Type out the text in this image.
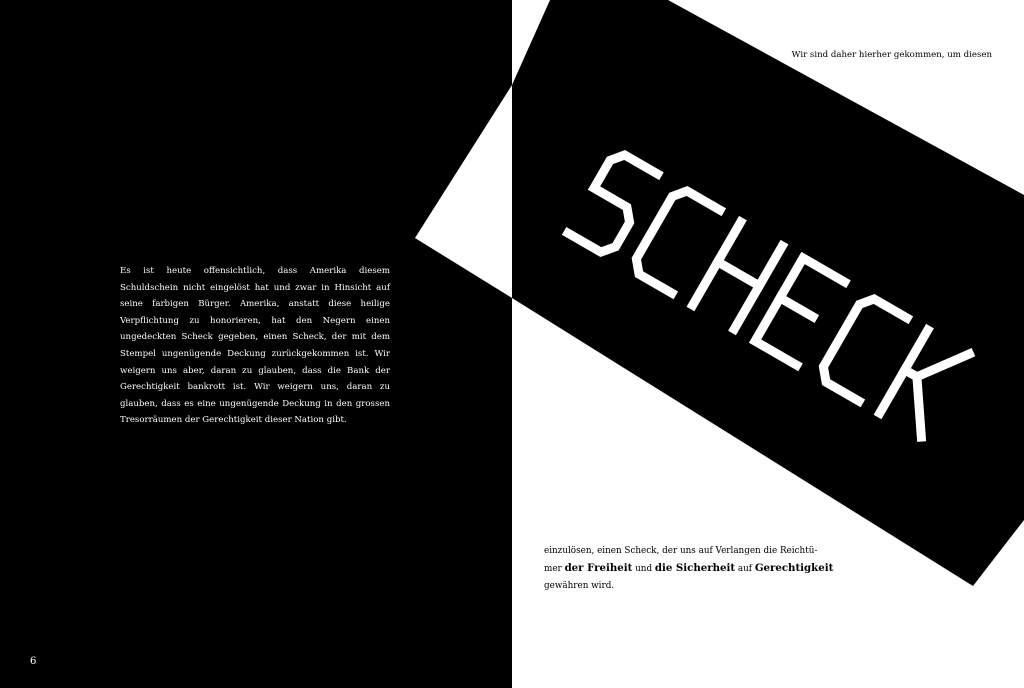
Es ist heute offensichtlich, dass Amerika diesem Schuldschein nicht eingelöst hat und zwar in Hinsicht auf seine farbigen Bürger. Amerika, anstatt diese heilige Verpflichtung zu honorieren, hat den Negern einen ungedeckten Scheck gegeben, einen Scheck, der mit dem Stempel ungenügende Deckung zurückgekommen ist. Wir weigern uns aber, daran zu glauben, dass die Bank der Gerechtigkeit bankrott ist. Wir weigern uns, daran zu glauben, dass es eine ungenügende Deckung in den grossen Tresorräumen der Gerechtigkeit dieser Nation gibt.
6
Wir sind daher hierher gekommen, um diesen
einzulösen, einen Scheck, der uns auf Verlangen die Reichtü- mer der Freiheit und die Sicherheit auf Gerechtigkeit
gewähren wird.
